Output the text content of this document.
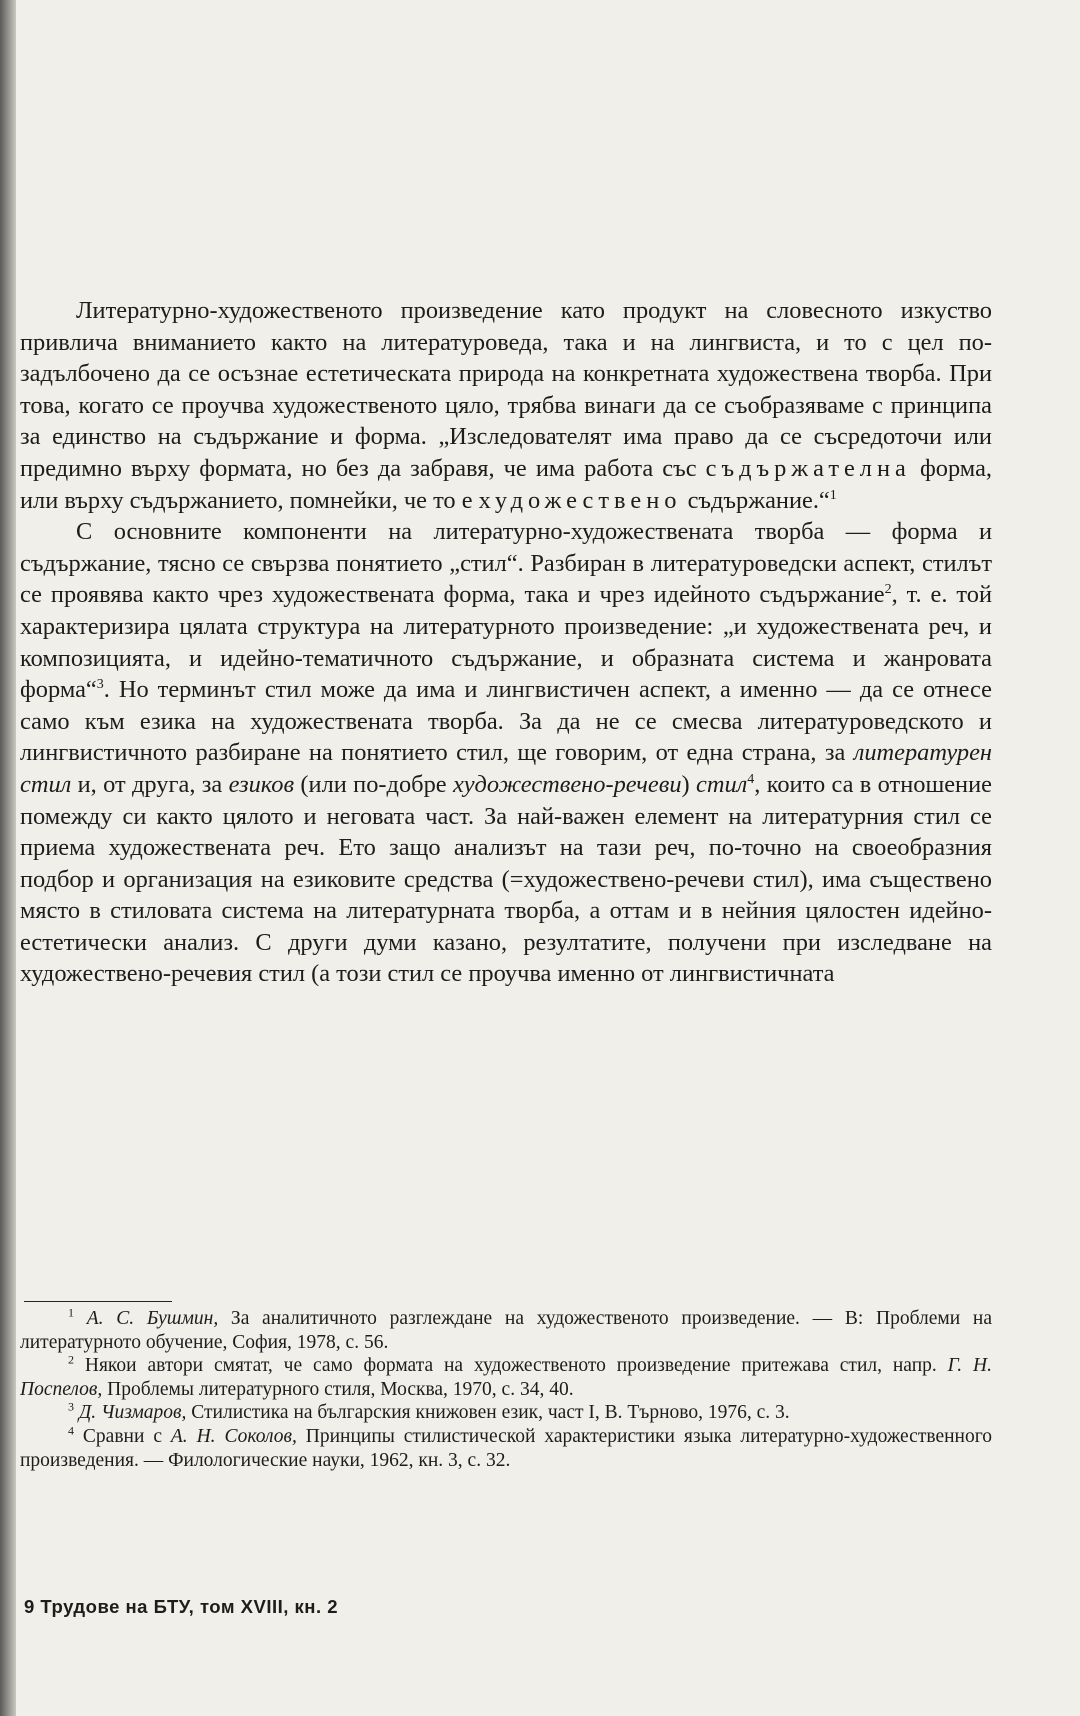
Литературно-художественото произведение като продукт на словесното изкуство привлича вниманието както на литературоведа, така и на лингвиста, и то с цел по-задълбочено да се осъзнае естетическата природа на конкретната художествена творба. При това, когато се проучва художественото цяло, трябва винаги да се съобразяваме с принципа за единство на съдържание и форма. „Изследователят има право да се съсредоточи или предимно върху формата, но без да забравя, че има работа със съдържателна форма, или върху съдържанието, помнейки, че то е художествено съдържание.“$^1$

С основните компоненти на литературно-художествената творба — форма и съдържание, тясно се свързва понятието „стил“. Разбиран в литературоведски аспект, стилът се проявява както чрез художествената форма, така и чрез идейното съдържание$^2$, т. е. той характеризира цялата структура на литературното произведение: „и художествената реч, и композицията, и идейно-тематичното съдържание, и образната система и жанровата форма“$^3$. Но терминът стил може да има и лингвистичен аспект, а именно — да се отнесе само към езика на художествената творба. За да не се смесва литературоведското и лингвистичното разбиране на понятието стил, ще говорим, от една страна, за литературен стил и, от друга, за езиков (или по-добре художествено-речеви) стил$^4$, които са в отношение помежду си както цялото и неговата част. За най-важен елемент на литературния стил се приема художествената реч. Ето защо анализът на тази реч, по-точно на своеобразния подбор и организация на езиковите средства (=художествено-речеви стил), има съществено място в стиловата система на литературната творба, а оттам и в нейния цялостен идейно-естетически анализ. С други думи казано, резултатите, получени при изследване на художествено-речевия стил (а този стил се проучва именно от лингвистичната

$^1$ А. С. Бушмин, За аналитичното разглеждане на художественото произведение. — В: Проблеми на литературното обучение, София, 1978, с. 56.

$^2$ Някои автори смятат, че само формата на художественото произведение притежава стил, напр. Г. Н. Поспелов, Проблемы литературного стиля, Москва, 1970, с. 34, 40.

$^3$ Д. Чизмаров, Стилистика на българския книжовен език, част I, В. Търново, 1976, с. 3.

$^4$ Сравни с А. Н. Соколов, Принципы стилистической характеристики языка литературно-художественного произведения. — Филологические науки, 1962, кн. 3, с. 32.

9 Трудове на БТУ, том XVIII, кн. 2
